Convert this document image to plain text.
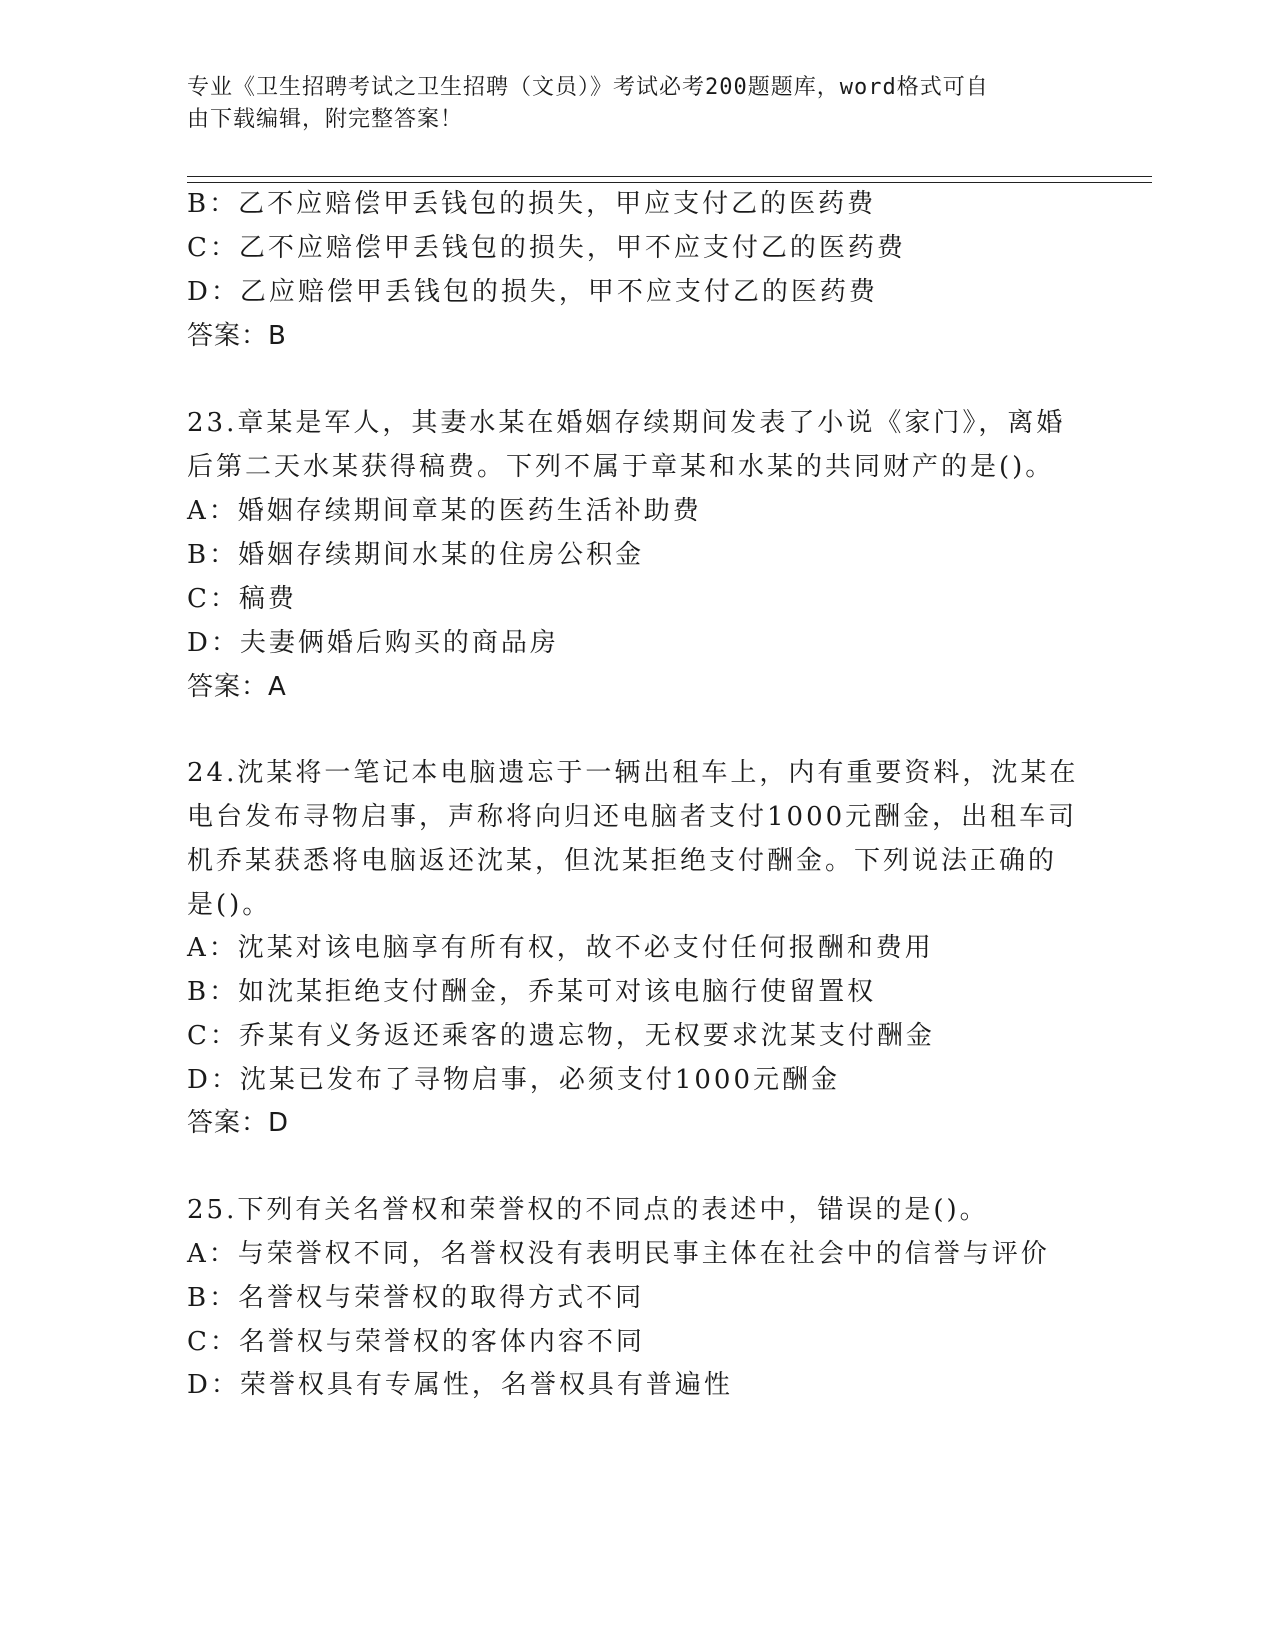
专业《卫生招聘考试之卫生招聘（文员）》考试必考200题题库，word格式可自
由下载编辑，附完整答案！
B：乙不应赔偿甲丢钱包的损失，甲应支付乙的医药费
C：乙不应赔偿甲丢钱包的损失，甲不应支付乙的医药费
D：乙应赔偿甲丢钱包的损失，甲不应支付乙的医药费
答案：B
23.章某是军人，其妻水某在婚姻存续期间发表了小说《家门》，离婚
后第二天水某获得稿费。下列不属于章某和水某的共同财产的是()。
A：婚姻存续期间章某的医药生活补助费
B：婚姻存续期间水某的住房公积金
C：稿费
D：夫妻俩婚后购买的商品房
答案：A
24.沈某将一笔记本电脑遗忘于一辆出租车上，内有重要资料，沈某在
电台发布寻物启事，声称将向归还电脑者支付1000元酬金，出租车司
机乔某获悉将电脑返还沈某，但沈某拒绝支付酬金。下列说法正确的
是()。
A：沈某对该电脑享有所有权，故不必支付任何报酬和费用
B：如沈某拒绝支付酬金，乔某可对该电脑行使留置权
C：乔某有义务返还乘客的遗忘物，无权要求沈某支付酬金
D：沈某已发布了寻物启事，必须支付1000元酬金
答案：D
25.下列有关名誉权和荣誉权的不同点的表述中，错误的是()。
A：与荣誉权不同，名誉权没有表明民事主体在社会中的信誉与评价
B：名誉权与荣誉权的取得方式不同
C：名誉权与荣誉权的客体内容不同
D：荣誉权具有专属性，名誉权具有普遍性
